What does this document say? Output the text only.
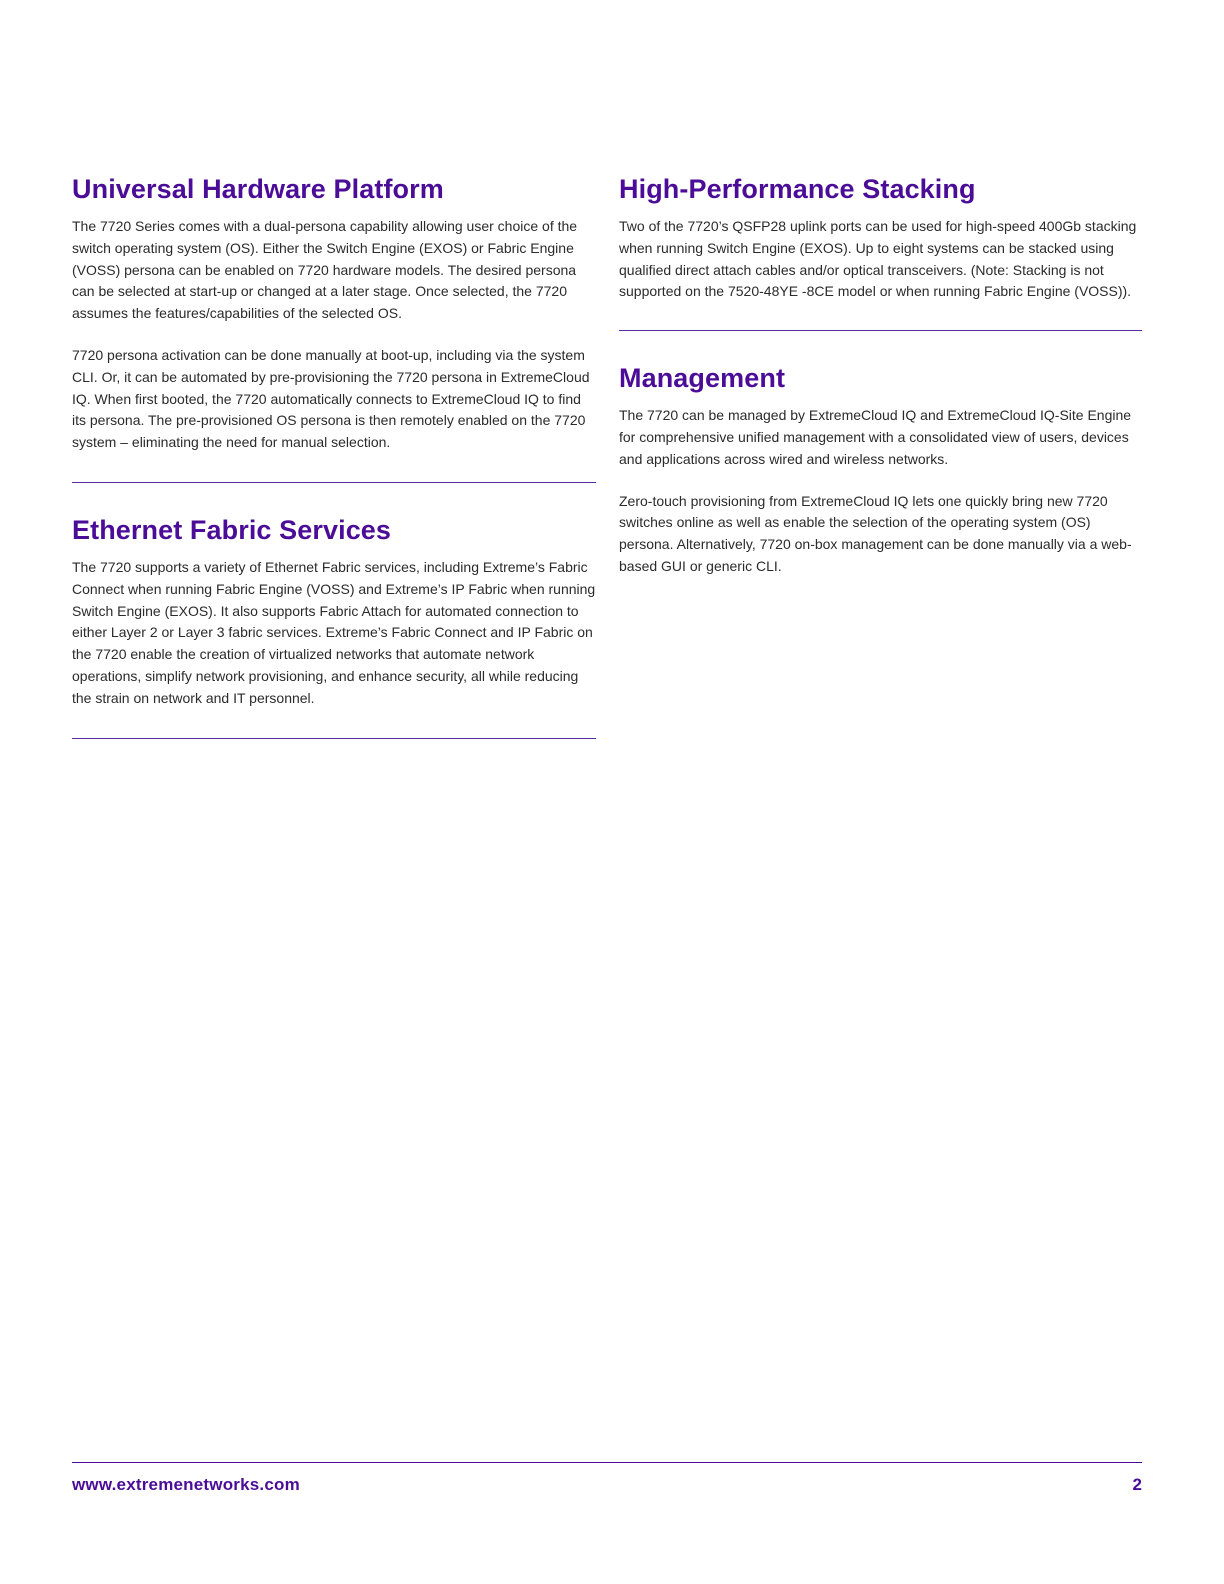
Universal Hardware Platform

The 7720 Series comes with a dual-persona capability allowing user choice of the switch operating system (OS). Either the Switch Engine (EXOS) or Fabric Engine (VOSS) persona can be enabled on 7720 hardware models. The desired persona can be selected at start-up or changed at a later stage. Once selected, the 7720 assumes the features/capabilities of the selected OS.

7720 persona activation can be done manually at boot-up, including via the system CLI. Or, it can be automated by pre-provisioning the 7720 persona in ExtremeCloud IQ. When first booted, the 7720 automatically connects to ExtremeCloud IQ to find its persona. The pre-provisioned OS persona is then remotely enabled on the 7720 system – eliminating the need for manual selection.

Ethernet Fabric Services

The 7720 supports a variety of Ethernet Fabric services, including Extreme’s Fabric Connect when running Fabric Engine (VOSS) and Extreme’s IP Fabric when running Switch Engine (EXOS). It also supports Fabric Attach for automated connection to either Layer 2 or Layer 3 fabric services. Extreme’s Fabric Connect and IP Fabric on the 7720 enable the creation of virtualized networks that automate network operations, simplify network provisioning, and enhance security, all while reducing the strain on network and IT personnel.

High-Performance Stacking

Two of the 7720’s QSFP28 uplink ports can be used for high-speed 400Gb stacking when running Switch Engine (EXOS). Up to eight systems can be stacked using qualified direct attach cables and/or optical transceivers. (Note: Stacking is not supported on the 7520-48YE -8CE model or when running Fabric Engine (VOSS)).

Management

The 7720 can be managed by ExtremeCloud IQ and ExtremeCloud IQ-Site Engine for comprehensive unified management with a consolidated view of users, devices and applications across wired and wireless networks.

Zero-touch provisioning from ExtremeCloud IQ lets one quickly bring new 7720 switches online as well as enable the selection of the operating system (OS) persona. Alternatively, 7720 on-box management can be done manually via a web-based GUI or generic CLI.

www.extremenetworks.com	2
